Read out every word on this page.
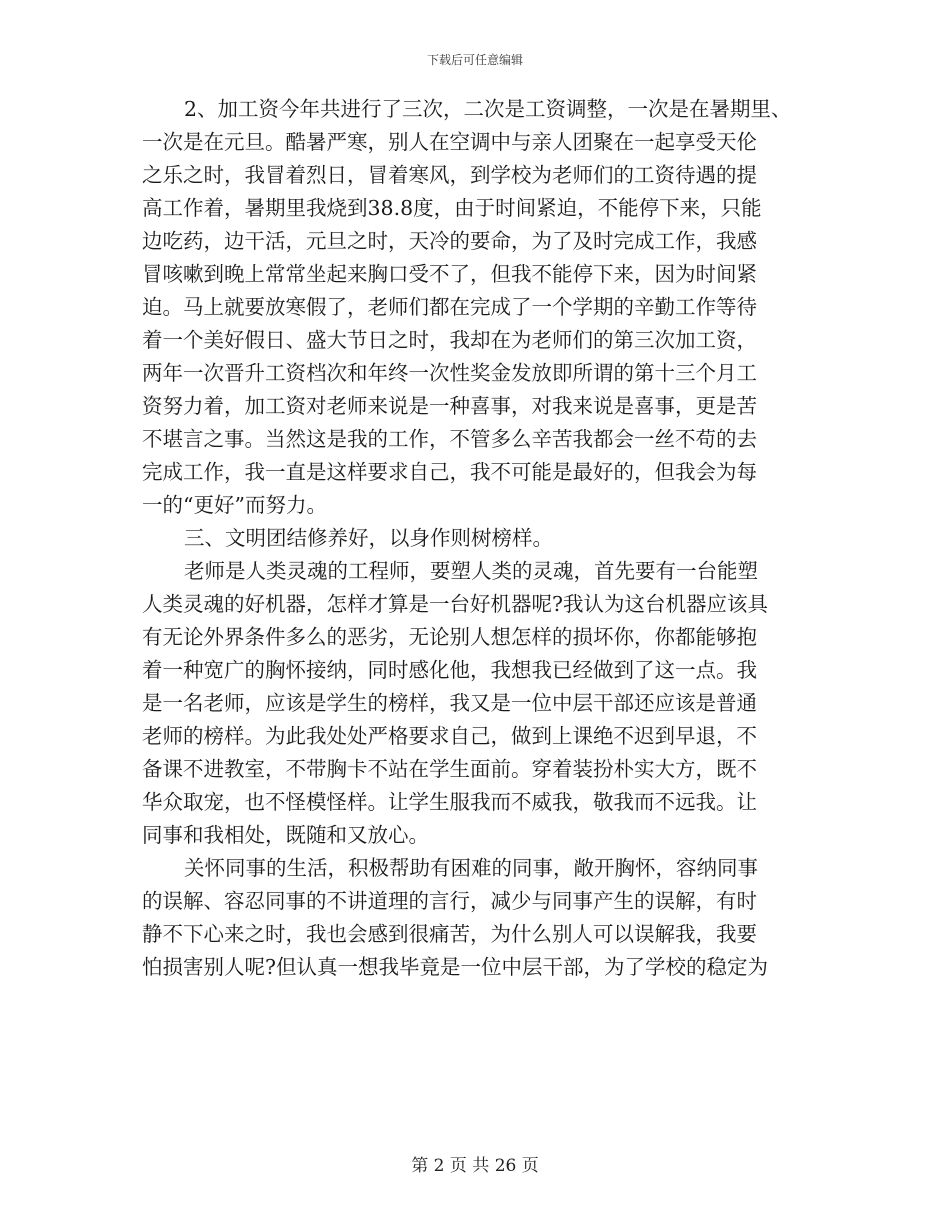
下载后可任意编辑
2、加工资今年共进行了三次，二次是工资调整，一次是在暑期里、
一次是在元旦。酷暑严寒，别人在空调中与亲人团聚在一起享受天伦
之乐之时，我冒着烈日，冒着寒风，到学校为老师们的工资待遇的提
高工作着，暑期里我烧到38.8度，由于时间紧迫，不能停下来，只能
边吃药，边干活，元旦之时，天冷的要命，为了及时完成工作，我感
冒咳嗽到晚上常常坐起来胸口受不了，但我不能停下来，因为时间紧
迫。马上就要放寒假了，老师们都在完成了一个学期的辛勤工作等待
着一个美好假日、盛大节日之时，我却在为老师们的第三次加工资，
两年一次晋升工资档次和年终一次性奖金发放即所谓的第十三个月工
资努力着，加工资对老师来说是一种喜事，对我来说是喜事，更是苦
不堪言之事。当然这是我的工作，不管多么辛苦我都会一丝不苟的去
完成工作，我一直是这样要求自己，我不可能是最好的，但我会为每
一的“更好”而努力。
三、文明团结修养好，以身作则树榜样。
老师是人类灵魂的工程师，要塑人类的灵魂，首先要有一台能塑
人类灵魂的好机器，怎样才算是一台好机器呢?我认为这台机器应该具
有无论外界条件多么的恶劣，无论别人想怎样的损坏你，你都能够抱
着一种宽广的胸怀接纳，同时感化他，我想我已经做到了这一点。我
是一名老师，应该是学生的榜样，我又是一位中层干部还应该是普通
老师的榜样。为此我处处严格要求自己，做到上课绝不迟到早退，不
备课不进教室，不带胸卡不站在学生面前。穿着装扮朴实大方，既不
华众取宠，也不怪模怪样。让学生服我而不威我，敬我而不远我。让
同事和我相处，既随和又放心。
关怀同事的生活，积极帮助有困难的同事，敞开胸怀，容纳同事
的误解、容忍同事的不讲道理的言行，减少与同事产生的误解，有时
静不下心来之时，我也会感到很痛苦，为什么别人可以误解我，我要
怕损害别人呢?但认真一想我毕竟是一位中层干部，为了学校的稳定为
第 2 页 共 26 页
